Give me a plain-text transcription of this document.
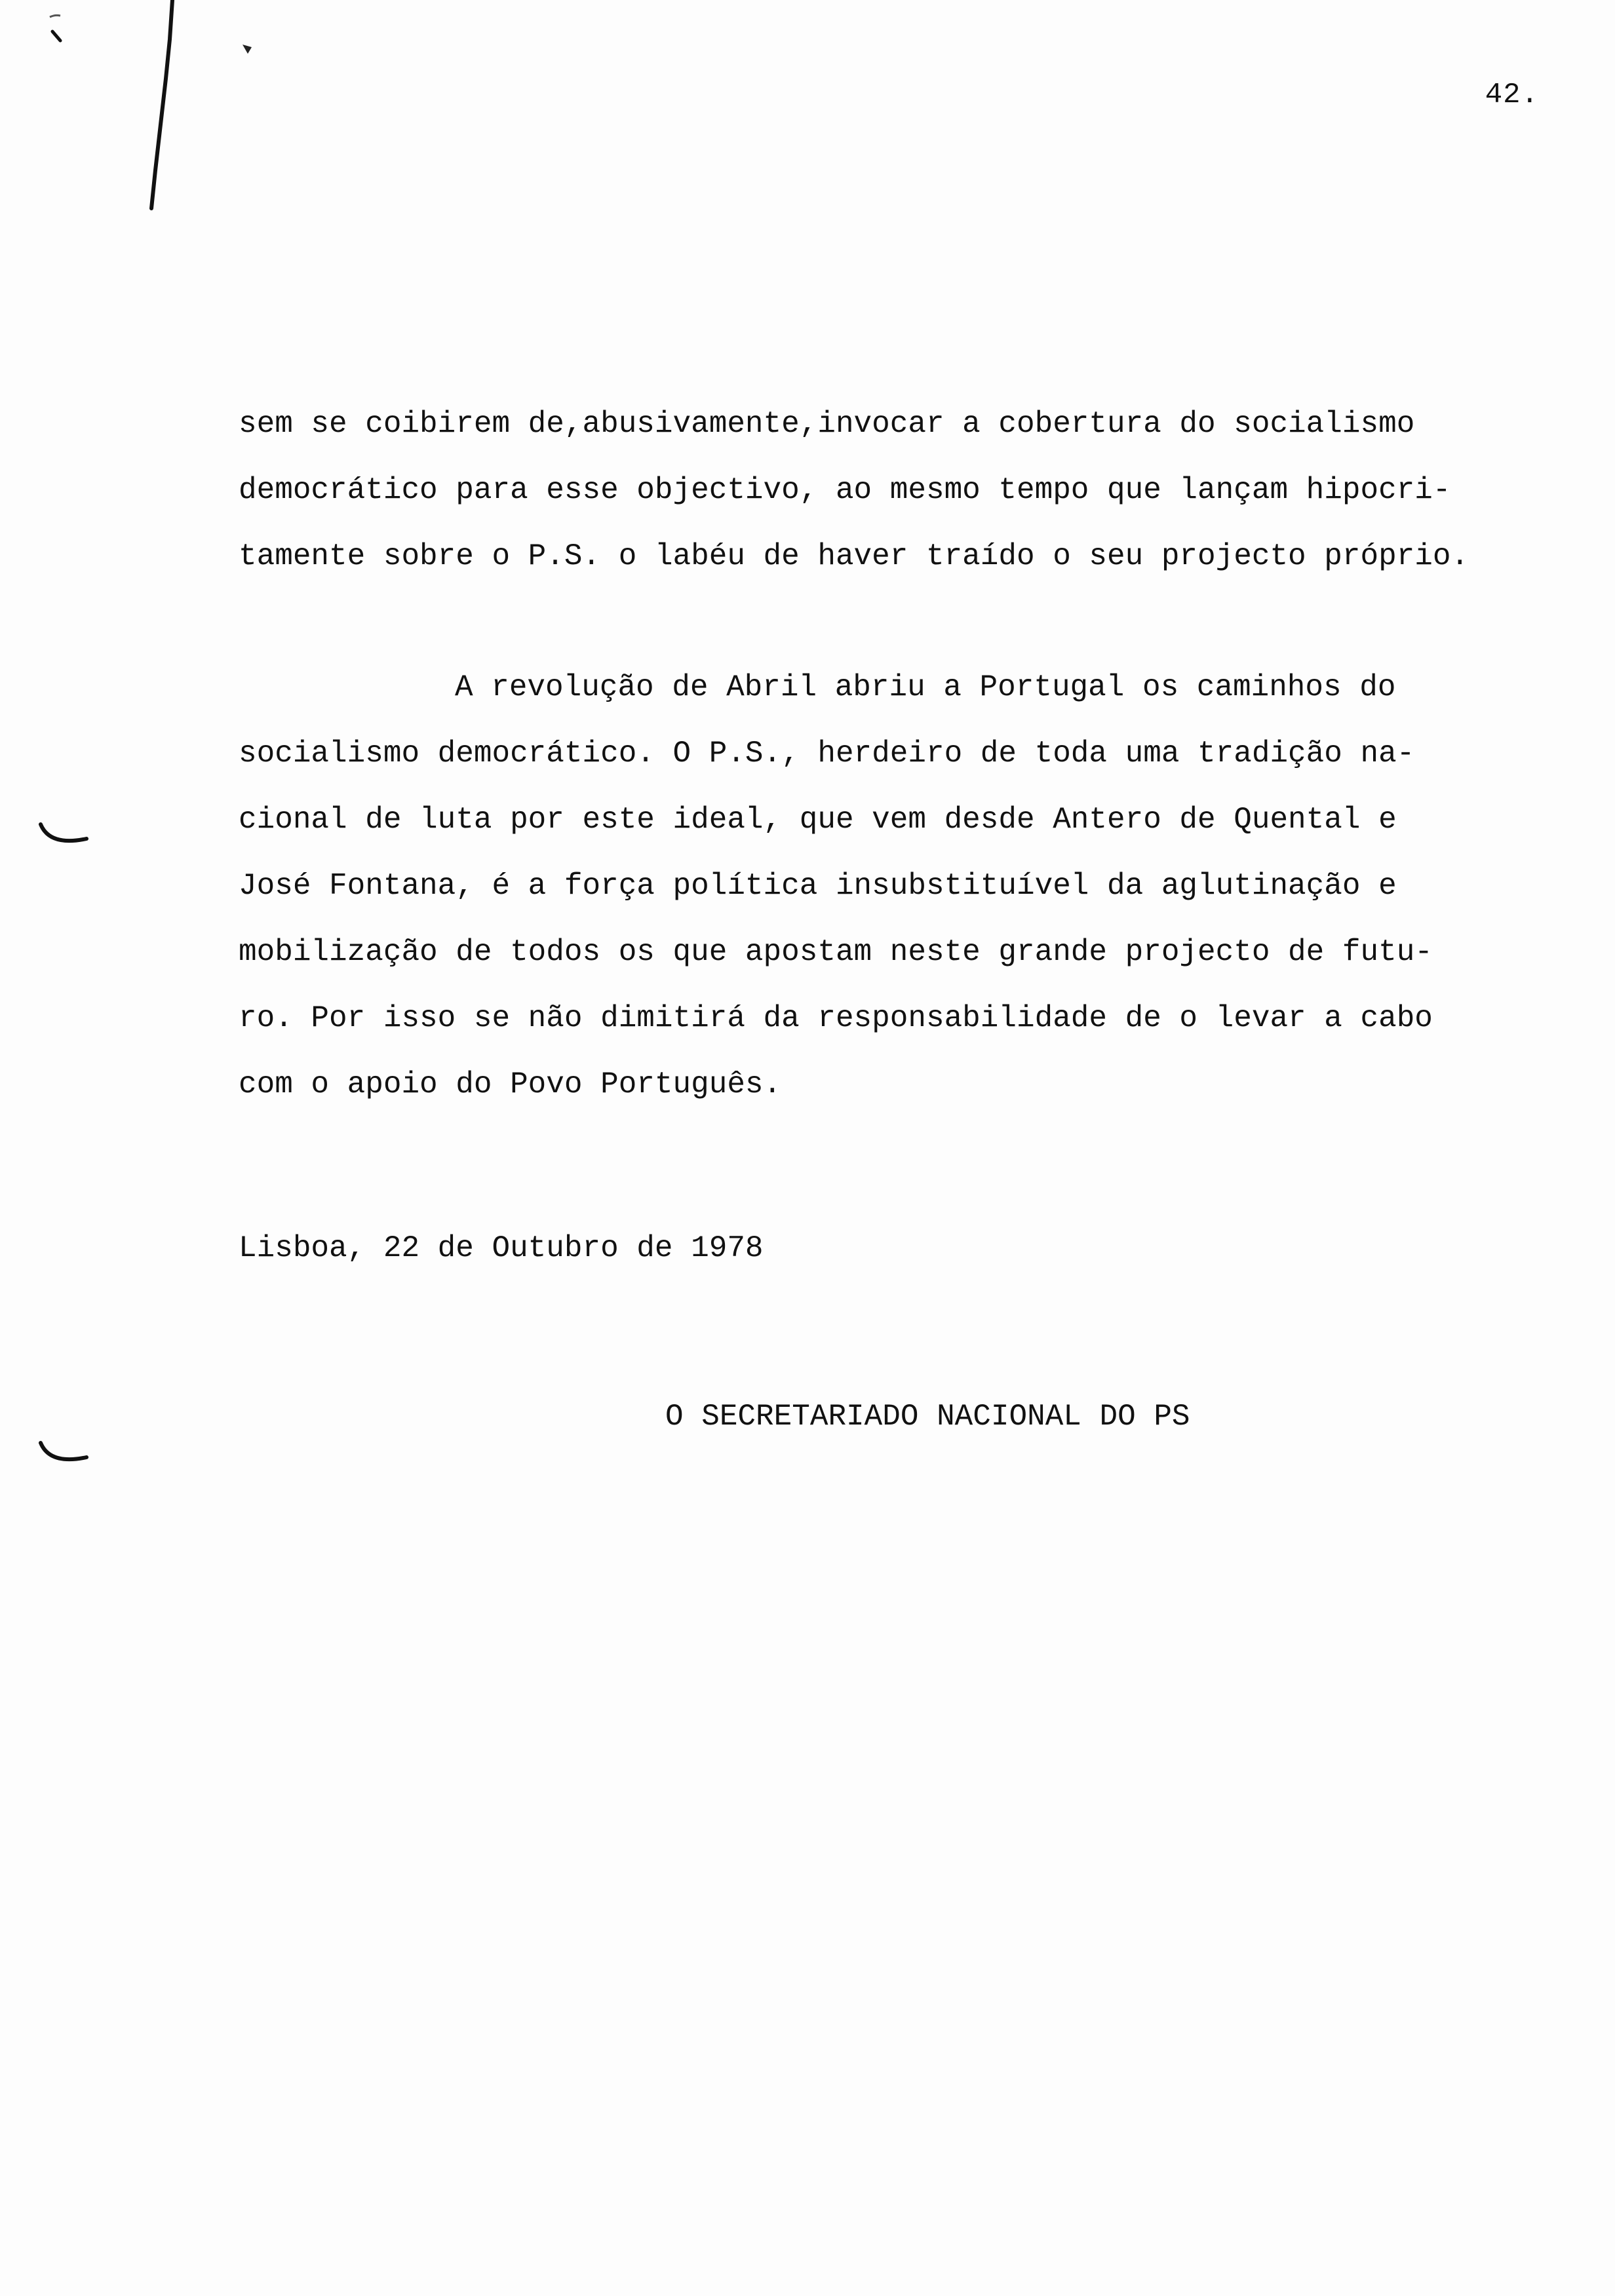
42.
sem se coibirem de,abusivamente,invocar a cobertura do socialismo
democrático para esse objectivo, ao mesmo tempo que lançam hipocri-
tamente sobre o P.S. o labéu de haver traído o seu projecto próprio.
A revolução de Abril abriu a Portugal os caminhos do
socialismo democrático. O P.S., herdeiro de toda uma tradição na-
cional de luta por este ideal, que vem desde Antero de Quental e
José Fontana, é a força política insubstituível da aglutinação e
mobilização de todos os que apostam neste grande projecto de futu-
ro. Por isso se não dimitirá da responsabilidade de o levar a cabo
com o apoio do Povo Português.
Lisboa, 22 de Outubro de 1978
O SECRETARIADO NACIONAL DO PS
